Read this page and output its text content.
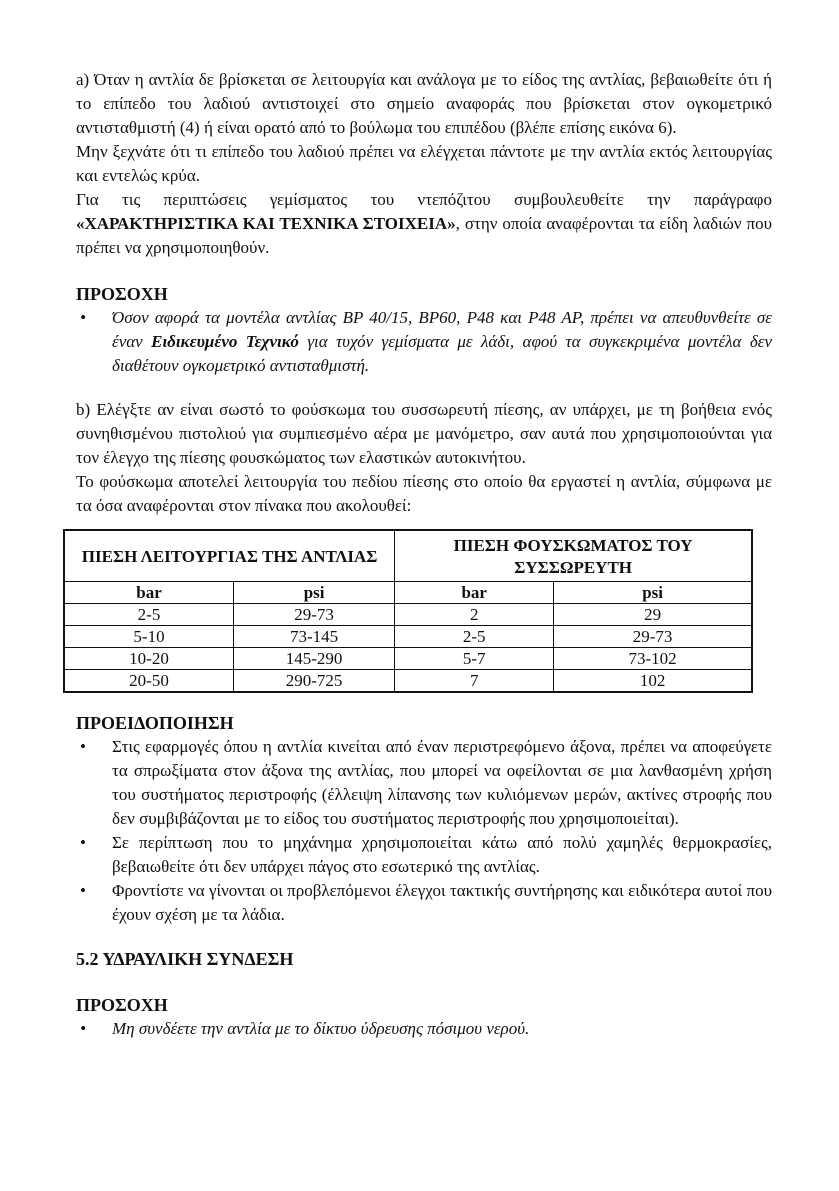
a) Όταν η αντλία δε βρίσκεται σε λειτουργία και ανάλογα με το είδος της αντλίας, βεβαιωθείτε ότι ή το επίπεδο του λαδιού αντιστοιχεί στο σημείο αναφοράς που βρίσκεται στον ογκομετρικό αντισταθμιστή (4) ή είναι ορατό από το βούλωμα του επιπέδου (βλέπε επίσης εικόνα 6).
Μην ξεχνάτε ότι τι επίπεδο του λαδιού πρέπει να ελέγχεται πάντοτε με την αντλία εκτός λειτουργίας και εντελώς κρύα.
Για τις περιπτώσεις γεμίσματος του ντεπόζιτου συμβουλευθείτε την παράγραφο «ΧΑΡΑΚΤΗΡΙΣΤΙΚΑ ΚΑΙ ΤΕΧΝΙΚΑ ΣΤΟΙΧΕΙΑ», στην οποία αναφέρονται τα είδη λαδιών που πρέπει να χρησιμοποιηθούν.

ΠΡΟΣΟΧΗ

• Όσον αφορά τα μοντέλα αντλίας BP 40/15, BP60, P48 και P48 AP, πρέπει να απευθυνθείτε σε έναν Ειδικευμένο Τεχνικό για τυχόν γεμίσματα με λάδι, αφού τα συγκεκριμένα μοντέλα δεν διαθέτουν ογκομετρικό αντισταθμιστή.

b) Ελέγξτε αν είναι σωστό το φούσκωμα του συσσωρευτή πίεσης, αν υπάρχει, με τη βοήθεια ενός συνηθισμένου πιστολιού για συμπιεσμένο αέρα με μανόμετρο, σαν αυτά που χρησιμοποιούνται για τον έλεγχο της πίεσης φουσκώματος των ελαστικών αυτοκινήτου.

Το φούσκωμα αποτελεί λειτουργία του πεδίου πίεσης στο οποίο θα εργαστεί η αντλία, σύμφωνα με τα όσα αναφέρονται στον πίνακα που ακολουθεί:

ΠΙΕΣΗ ΛΕΙΤΟΥΡΓΙΑΣ ΤΗΣ ΑΝΤΛΙΑΣ		ΠΙΕΣΗ ΦΟΥΣΚΩΜΑΤΟΣ ΤΟΥ ΣΥΣΣΩΡΕΥΤΗ	
bar	psi	bar	psi
2-5	29-73	2	29
5-10	73-145	2-5	29-73
10-20	145-290	5-7	73-102
20-50	290-725	7	102

ΠΡΟΕΙΔΟΠΟΙΗΣΗ

• Στις εφαρμογές όπου η αντλία κινείται από έναν περιστρεφόμενο άξονα, πρέπει να αποφεύγετε τα σπρωξίματα στον άξονα της αντλίας, που μπορεί να οφείλονται σε μια λανθασμένη χρήση του συστήματος περιστροφής (έλλειψη λίπανσης των κυλιόμενων μερών, ακτίνες στροφής που δεν συμβιβάζονται με το είδος του συστήματος περιστροφής που χρησιμοποιείται).
• Σε περίπτωση που το μηχάνημα χρησιμοποιείται κάτω από πολύ χαμηλές θερμοκρασίες, βεβαιωθείτε ότι δεν υπάρχει πάγος στο εσωτερικό της αντλίας.
• Φροντίστε να γίνονται οι προβλεπόμενοι έλεγχοι τακτικής συντήρησης και ειδικότερα αυτοί που έχουν σχέση με τα λάδια.

5.2 ΥΔΡΑΥΛΙΚΗ ΣΥΝΔΕΣΗ

ΠΡΟΣΟΧΗ

• Μη συνδέετε την αντλία με το δίκτυο ύδρευσης πόσιμου νερού.
